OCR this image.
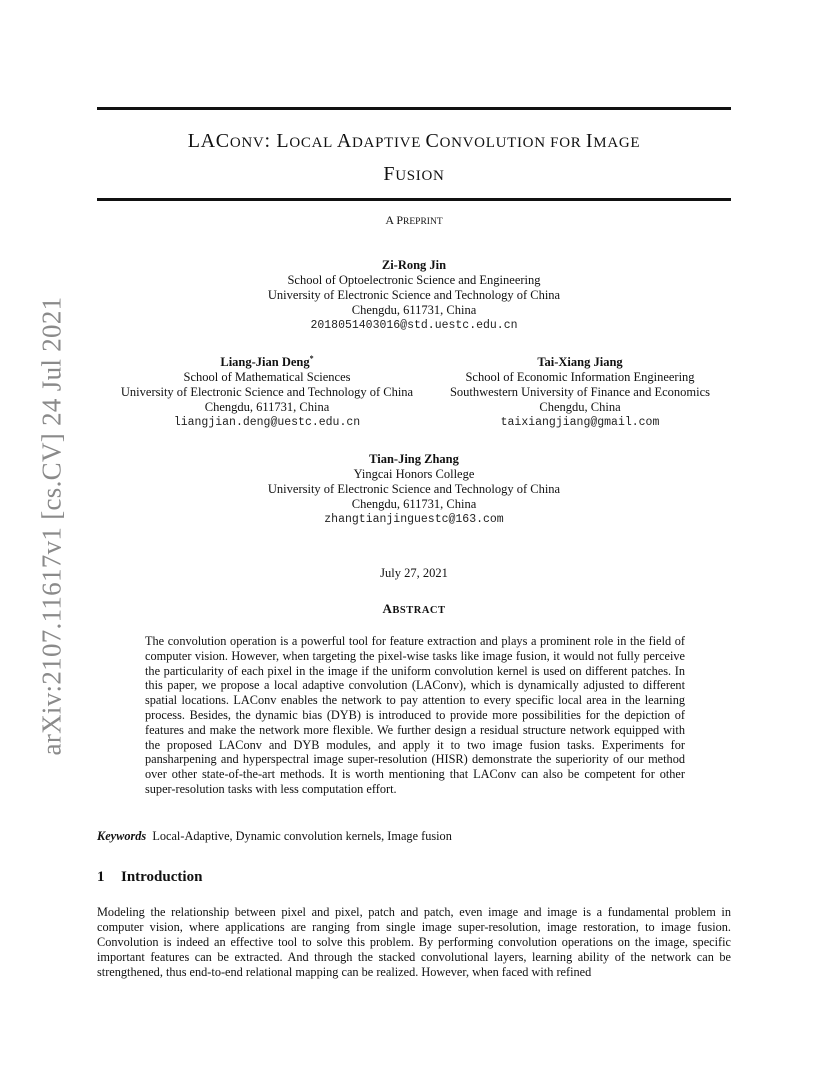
arXiv:2107.11617v1 [cs.CV] 24 Jul 2021
LACONV: LOCAL ADAPTIVE CONVOLUTION FOR IMAGE
FUSION
A PREPRINT
Zi-Rong Jin
School of Optoelectronic Science and Engineering
University of Electronic Science and Technology of China
Chengdu, 611731, China
2018051403016@std.uestc.edu.cn
Liang-Jian Deng*
School of Mathematical Sciences
University of Electronic Science and Technology of China
Chengdu, 611731, China
liangjian.deng@uestc.edu.cn
Tai-Xiang Jiang
School of Economic Information Engineering
Southwestern University of Finance and Economics
Chengdu, China
taixiangjiang@gmail.com
Tian-Jing Zhang
Yingcai Honors College
University of Electronic Science and Technology of China
Chengdu, 611731, China
zhangtianjinguestc@163.com
July 27, 2021
ABSTRACT
The convolution operation is a powerful tool for feature extraction and plays a prominent role in the field of computer vision. However, when targeting the pixel-wise tasks like image fusion, it would not fully perceive the particularity of each pixel in the image if the uniform convolution kernel is used on different patches. In this paper, we propose a local adaptive convolution (LAConv), which is dynamically adjusted to different spatial locations. LAConv enables the network to pay attention to every specific local area in the learning process. Besides, the dynamic bias (DYB) is introduced to provide more possibilities for the depiction of features and make the network more flexible. We further design a residual structure network equipped with the proposed LAConv and DYB modules, and apply it to two image fusion tasks. Experiments for pansharpening and hyperspectral image super-resolution (HISR) demonstrate the superiority of our method over other state-of-the-art methods. It is worth mentioning that LAConv can also be competent for other super-resolution tasks with less computation effort.
Keywords Local-Adaptive, Dynamic convolution kernels, Image fusion
1 Introduction
Modeling the relationship between pixel and pixel, patch and patch, even image and image is a fundamental problem in computer vision, where applications are ranging from single image super-resolution, image restoration, to image fusion. Convolution is indeed an effective tool to solve this problem. By performing convolution operations on the image, specific important features can be extracted. And through the stacked convolutional layers, learning ability of the network can be strengthened, thus end-to-end relational mapping can be realized. However, when faced with refined
